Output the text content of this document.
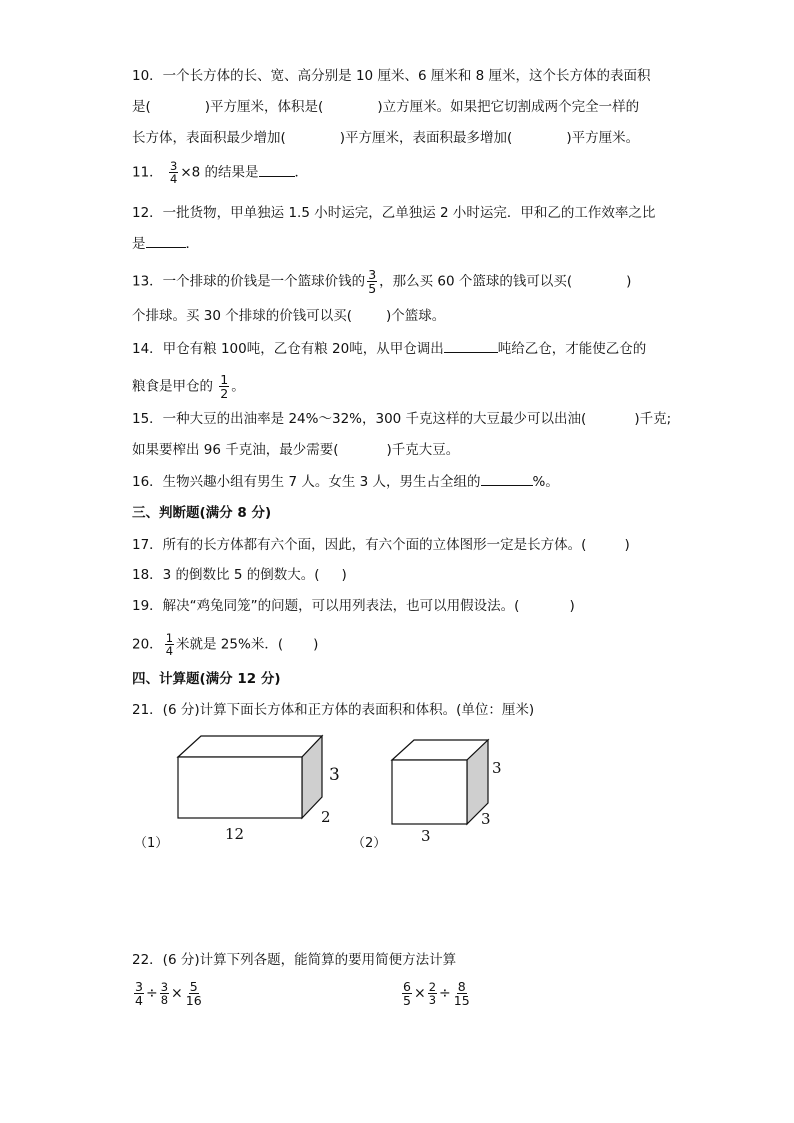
10．一个长方体的长、宽、高分别是 10 厘米、6 厘米和 8 厘米，这个长方体的表面积
是(	)平方厘米，体积是(	)立方厘米。如果把它切割成两个完全一样的
长方体，表面积最少增加(	)平方厘米，表面积最多增加(	)平方厘米。
11． $\frac{3}{4} \times 8$ 的结果是	．
12．一批货物，甲单独运 1.5 小时运完，乙单独运 2 小时运完．甲和乙的工作效率之比
是	．
13．一个排球的价钱是一个篮球价钱的 $\frac{3}{5}$ ，那么买 60 个篮球的钱可以买(	)
个排球。买 30 个排球的价钱可以买(	)个篮球。
14．甲仓有粮 100吨，乙仓有粮 20吨，从甲仓调出	吨给乙仓，才能使乙仓的
粮食是甲仓的 $\frac{1}{2}$ 。
15．一种大豆的出油率是 24%～32%，300 千克这样的大豆最少可以出油(	)千克;
如果要榨出 96 千克油，最少需要(	)千克大豆。
16．生物兴趣小组有男生 7 人。女生 3 人，男生占全组的	%。
三、判断题(满分 8 分)
17．所有的长方体都有六个面，因此，有六个面的立体图形一定是长方体。(	)
18．3 的倒数比 5 的倒数大。( )
19．解决“鸡兔同笼”的问题，可以用列表法，也可以用假设法。(	)
20． $\frac{1}{4}$ 米就是 25%米．( )
四、计算题(满分 12 分)
21．(6 分)计算下面长方体和正方体的表面积和体积。(单位：厘米)
（1）
12
3
2
（2） 3
3
3
22．(6 分)计算下列各题，能简算的要用简便方法计算
$\frac{3}{4} \div \frac{3}{8} \times \frac{5}{16}$	$\frac{6}{5} \times \frac{2}{3} \div \frac{8}{15}$
